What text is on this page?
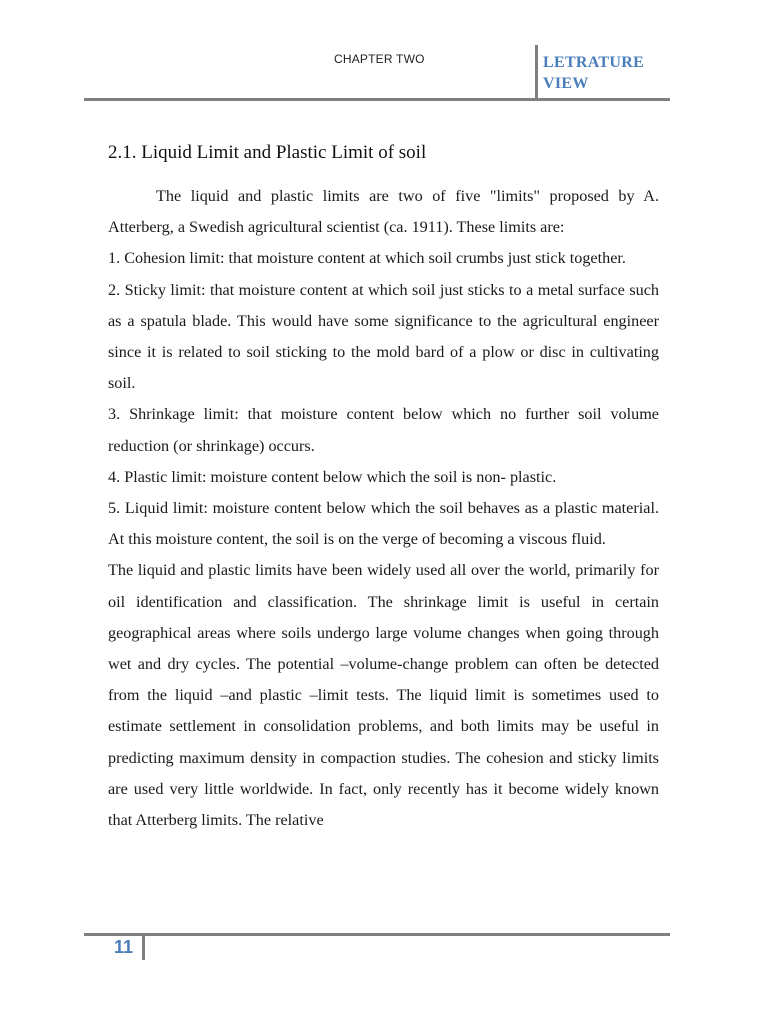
CHAPTER TWO	LETRATURE VIEW
2.1. Liquid Limit and Plastic Limit of soil

The liquid and plastic limits are two of five "limits" proposed by A. Atterberg, a Swedish agricultural scientist (ca. 1911). These limits are:

1. Cohesion limit: that moisture content at which soil crumbs just stick together.

2. Sticky limit: that moisture content at which soil just sticks to a metal surface such as a spatula blade. This would have some significance to the agricultural engineer since it is related to soil sticking to the mold bard of a plow or disc in cultivating soil.

3. Shrinkage limit: that moisture content below which no further soil volume reduction (or shrinkage) occurs.

4. Plastic limit: moisture content below which the soil is non- plastic.

5. Liquid limit: moisture content below which the soil behaves as a plastic material. At this moisture content, the soil is on the verge of becoming a viscous fluid.

The liquid and plastic limits have been widely used all over the world, primarily for oil identification and classification. The shrinkage limit is useful in certain geographical areas where soils undergo large volume changes when going through wet and dry cycles. The potential –volume-change problem can often be detected from the liquid –and plastic –limit tests. The liquid limit is sometimes used to estimate settlement in consolidation problems, and both limits may be useful in predicting maximum density in compaction studies. The cohesion and sticky limits are used very little worldwide. In fact, only recently has it become widely known that Atterberg limits. The relative

11
